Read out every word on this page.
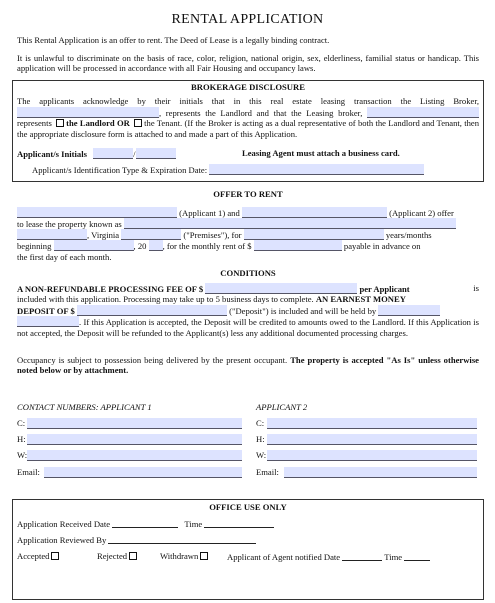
RENTAL APPLICATION
This Rental Application is an offer to rent. The Deed of Lease is a legally binding contract.
It is unlawful to discriminate on the basis of race, color, religion, national origin, sex, elderliness, familial status or handicap. This application will be processed in accordance with all Fair Housing and occupancy laws.
BROKERAGE DISCLOSURE
The applicants acknowledge by their initials that in this real estate leasing transaction the Listing Broker, , represents the Landlord and that the Leasing broker,  represents the Landlord OR the Tenant. (If the Broker is acting as a dual representative of both the Landlord and Tenant, then the appropriate disclosure form is attached to and made a part of this Application.
Applicant/s Initials	/	Leasing Agent must attach a business card.
Applicant/s Identification Type & Expiration Date:
OFFER TO RENT
(Applicant 1) and	(Applicant 2) offer
to lease the property known as
, Virginia	("Premises"), for	years/months
beginning	, 20 , for the monthly rent of $	payable in advance on
the first day of each month.
CONDITIONS
A NON-REFUNDABLE PROCESSING FEE OF $	per Applicant	is
included with this application. Processing may take up to 5 business days to complete. AN EARNEST MONEY
DEPOSIT OF $	("Deposit") is included and will be held by
. If this Application is accepted, the Deposit will be credited to amounts owed to the Landlord. If this Application is not accepted, the Deposit will be refunded to the Applicant(s) less any additional documented processing charges.
Occupancy is subject to possession being delivered by the present occupant. The property is accepted "As Is" unless otherwise noted below or by attachment.
CONTACT NUMBERS: APPLICANT 1	APPLICANT 2
C:	C:
H:	H:
W:	W:
Email:	Email:
OFFICE USE ONLY
Application Received Date	Time
Application Reviewed By
Accepted	Rejected	Withdrawn	Applicant of Agent notified Date	Time
